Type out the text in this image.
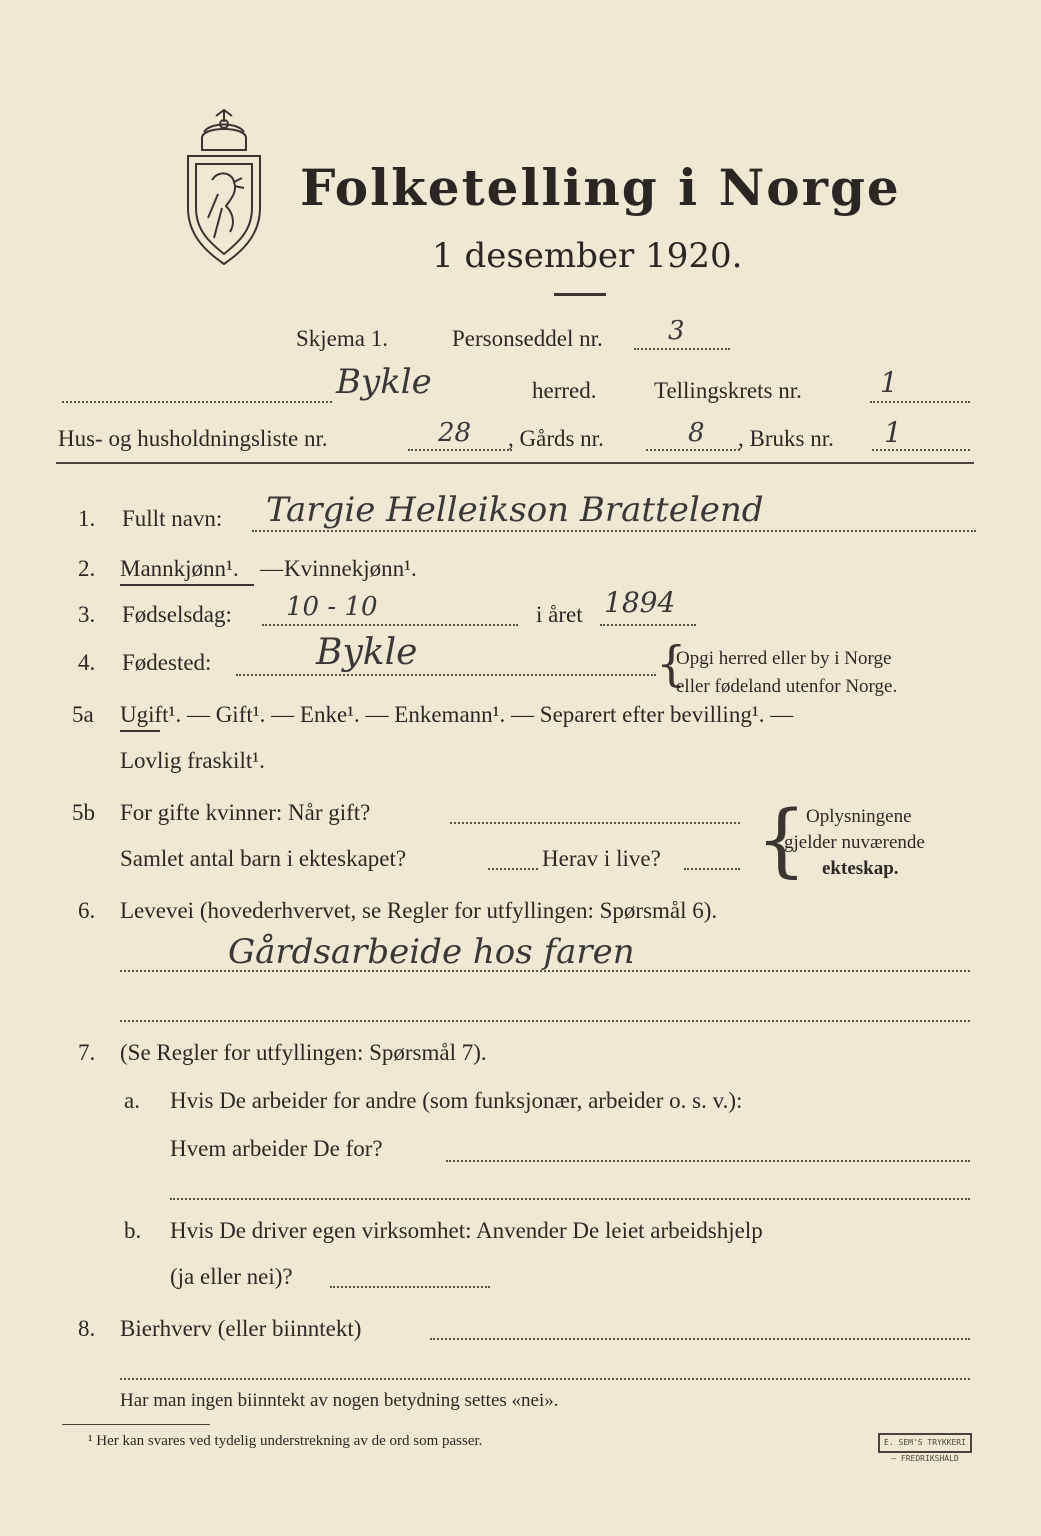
Folketelling i Norge
1 desember 1920.
Skjema 1.	Personseddel nr.	3
Bykle	herred.	Tellingskrets nr.	1
Hus- og husholdningsliste nr.	28 , Gårds nr.	8 , Bruks nr. 1
1. Fullt navn: Targie Helleikson Brattelend
2. Mannkjønn¹. — Kvinnekjønn¹.
3. Fødselsdag: 10 - 10	i året 1894
4. Fødested:	Bykle	{
Opgi herred eller by i Norge
eller fødeland utenfor Norge.
5a Ugift¹. — Gift¹. — Enke¹. — Enkemann¹. — Separert efter bevilling¹. —
Lovlig fraskilt¹.
5b For gifte kvinner: Når gift?
Samlet antal barn i ekteskapet?	Herav i live? { Oplysningene
gjelder nuværende
ekteskap.
6. Levevei (hovederhvervet, se Regler for utfyllingen: Spørsmål 6).
Gårdsarbeide hos faren
7. (Se Regler for utfyllingen: Spørsmål 7).
a. Hvis De arbeider for andre (som funksjonær, arbeider o. s. v.):
Hvem arbeider De for?
b. Hvis De driver egen virksomhet: Anvender De leiet arbeidshjelp
(ja eller nei)?
8. Bierhverv (eller biinntekt)
Har man ingen biinntekt av nogen betydning settes «nei».
¹ Her kan svares ved tydelig understrekning av de ord som passer.	E. SEM'S TRYKKERI — FREDRIKSHALD
